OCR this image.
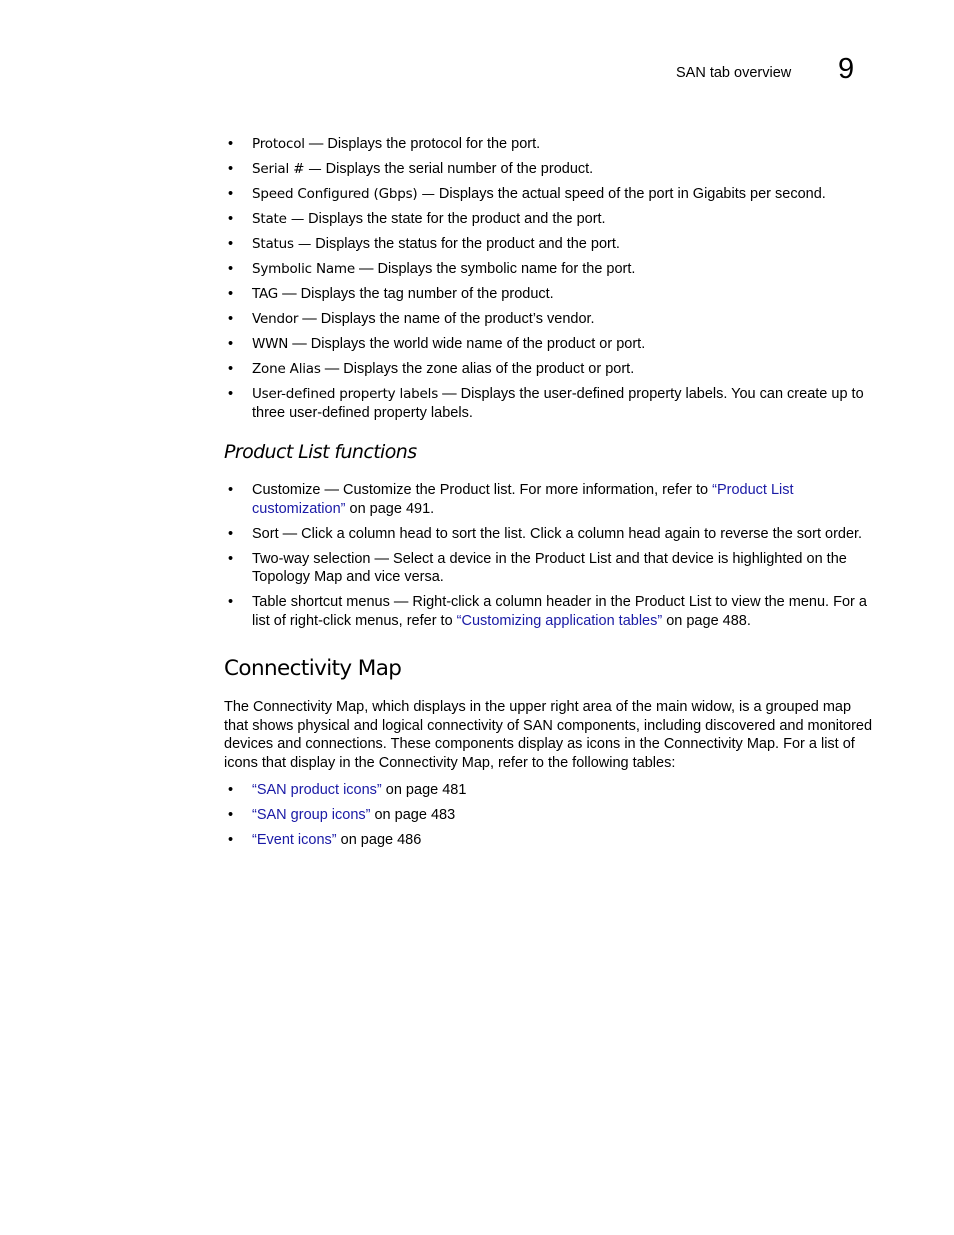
SAN tab overview 9
• Protocol — Displays the protocol for the port.
• Serial # — Displays the serial number of the product.
• Speed Configured (Gbps) — Displays the actual speed of the port in Gigabits per second.
• State — Displays the state for the product and the port.
• Status — Displays the status for the product and the port.
• Symbolic Name — Displays the symbolic name for the port.
• TAG — Displays the tag number of the product.
• Vendor — Displays the name of the product’s vendor.
• WWN — Displays the world wide name of the product or port.
• Zone Alias — Displays the zone alias of the product or port.
• User-defined property labels — Displays the user-defined property labels. You can create up to three user-defined property labels.
Product List functions
• Customize — Customize the Product list. For more information, refer to “Product List customization” on page 491.
• Sort — Click a column head to sort the list. Click a column head again to reverse the sort order.
• Two-way selection — Select a device in the Product List and that device is highlighted on the Topology Map and vice versa.
• Table shortcut menus — Right-click a column header in the Product List to view the menu. For a list of right-click menus, refer to “Customizing application tables” on page 488.
Connectivity Map

The Connectivity Map, which displays in the upper right area of the main widow, is a grouped map that shows physical and logical connectivity of SAN components, including discovered and monitored devices and connections. These components display as icons in the Connectivity Map. For a list of icons that display in the Connectivity Map, refer to the following tables:

• “SAN product icons” on page 481
• “SAN group icons” on page 483
• “Event icons” on page 486
